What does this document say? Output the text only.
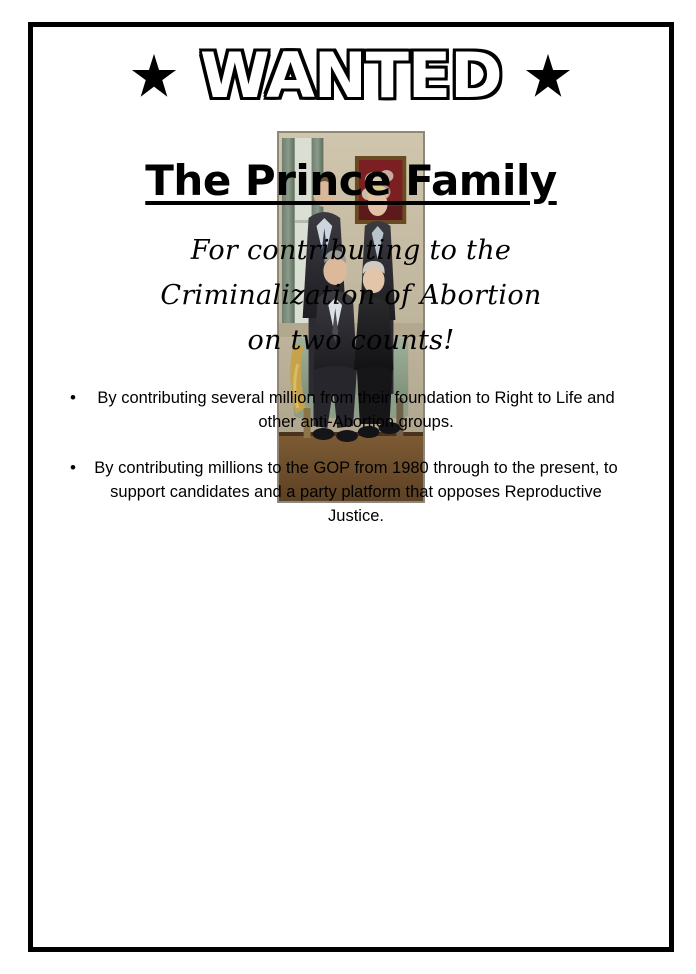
WANTED
The Prince Family
For contributing to the
Criminalization of Abortion
on two counts!
•	By contributing several million from their foundation to Right to Life and other anti-Abortion groups.
•	By contributing millions to the GOP from 1980 through to the present, to support candidates and a party platform that opposes Reproductive Justice.
